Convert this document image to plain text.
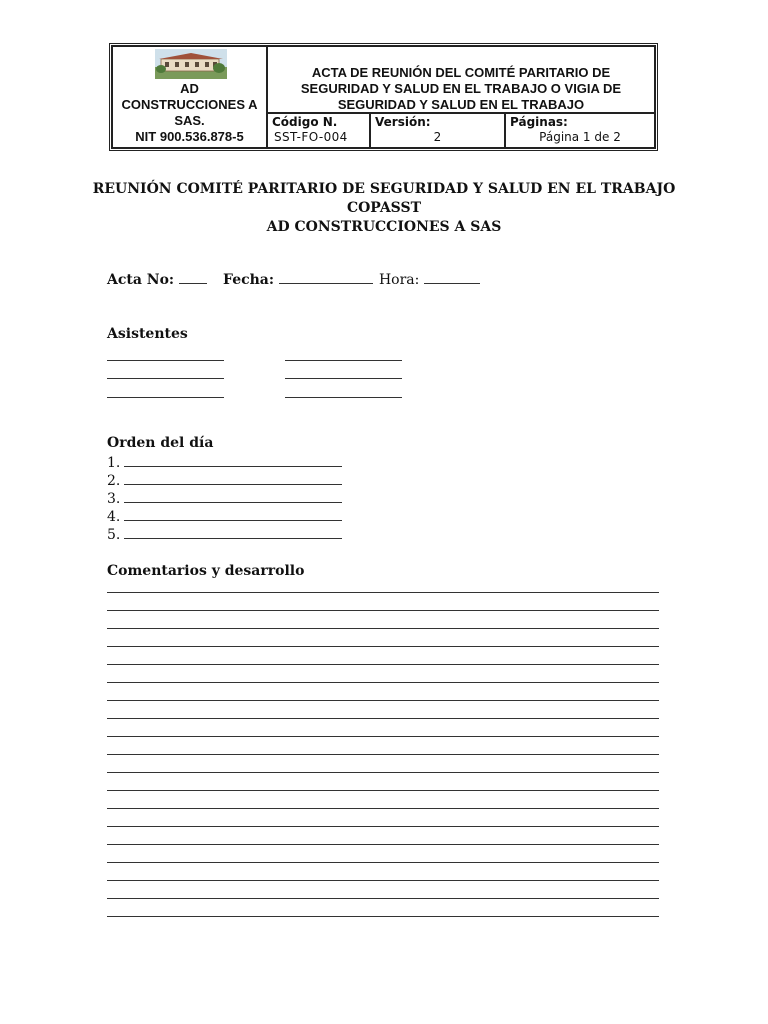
AD
CONSTRUCCIONES A
SAS.
NIT 900.536.878-5
ACTA DE REUNIÓN DEL COMITÉ PARITARIO DE
SEGURIDAD Y SALUD EN EL TRABAJO O VIGIA DE
SEGURIDAD Y SALUD EN EL TRABAJO
Código N.
SST-FO-004
Versión:
2
Páginas:
Página 1 de 2
REUNIÓN COMITÉ PARITARIO DE SEGURIDAD Y SALUD EN EL TRABAJO
COPASST
AD CONSTRUCCIONES A SAS
Acta No:	Fecha:	Hora:
Asistentes
Orden del día
1.
2.
3.
4.
5.
Comentarios y desarrollo
